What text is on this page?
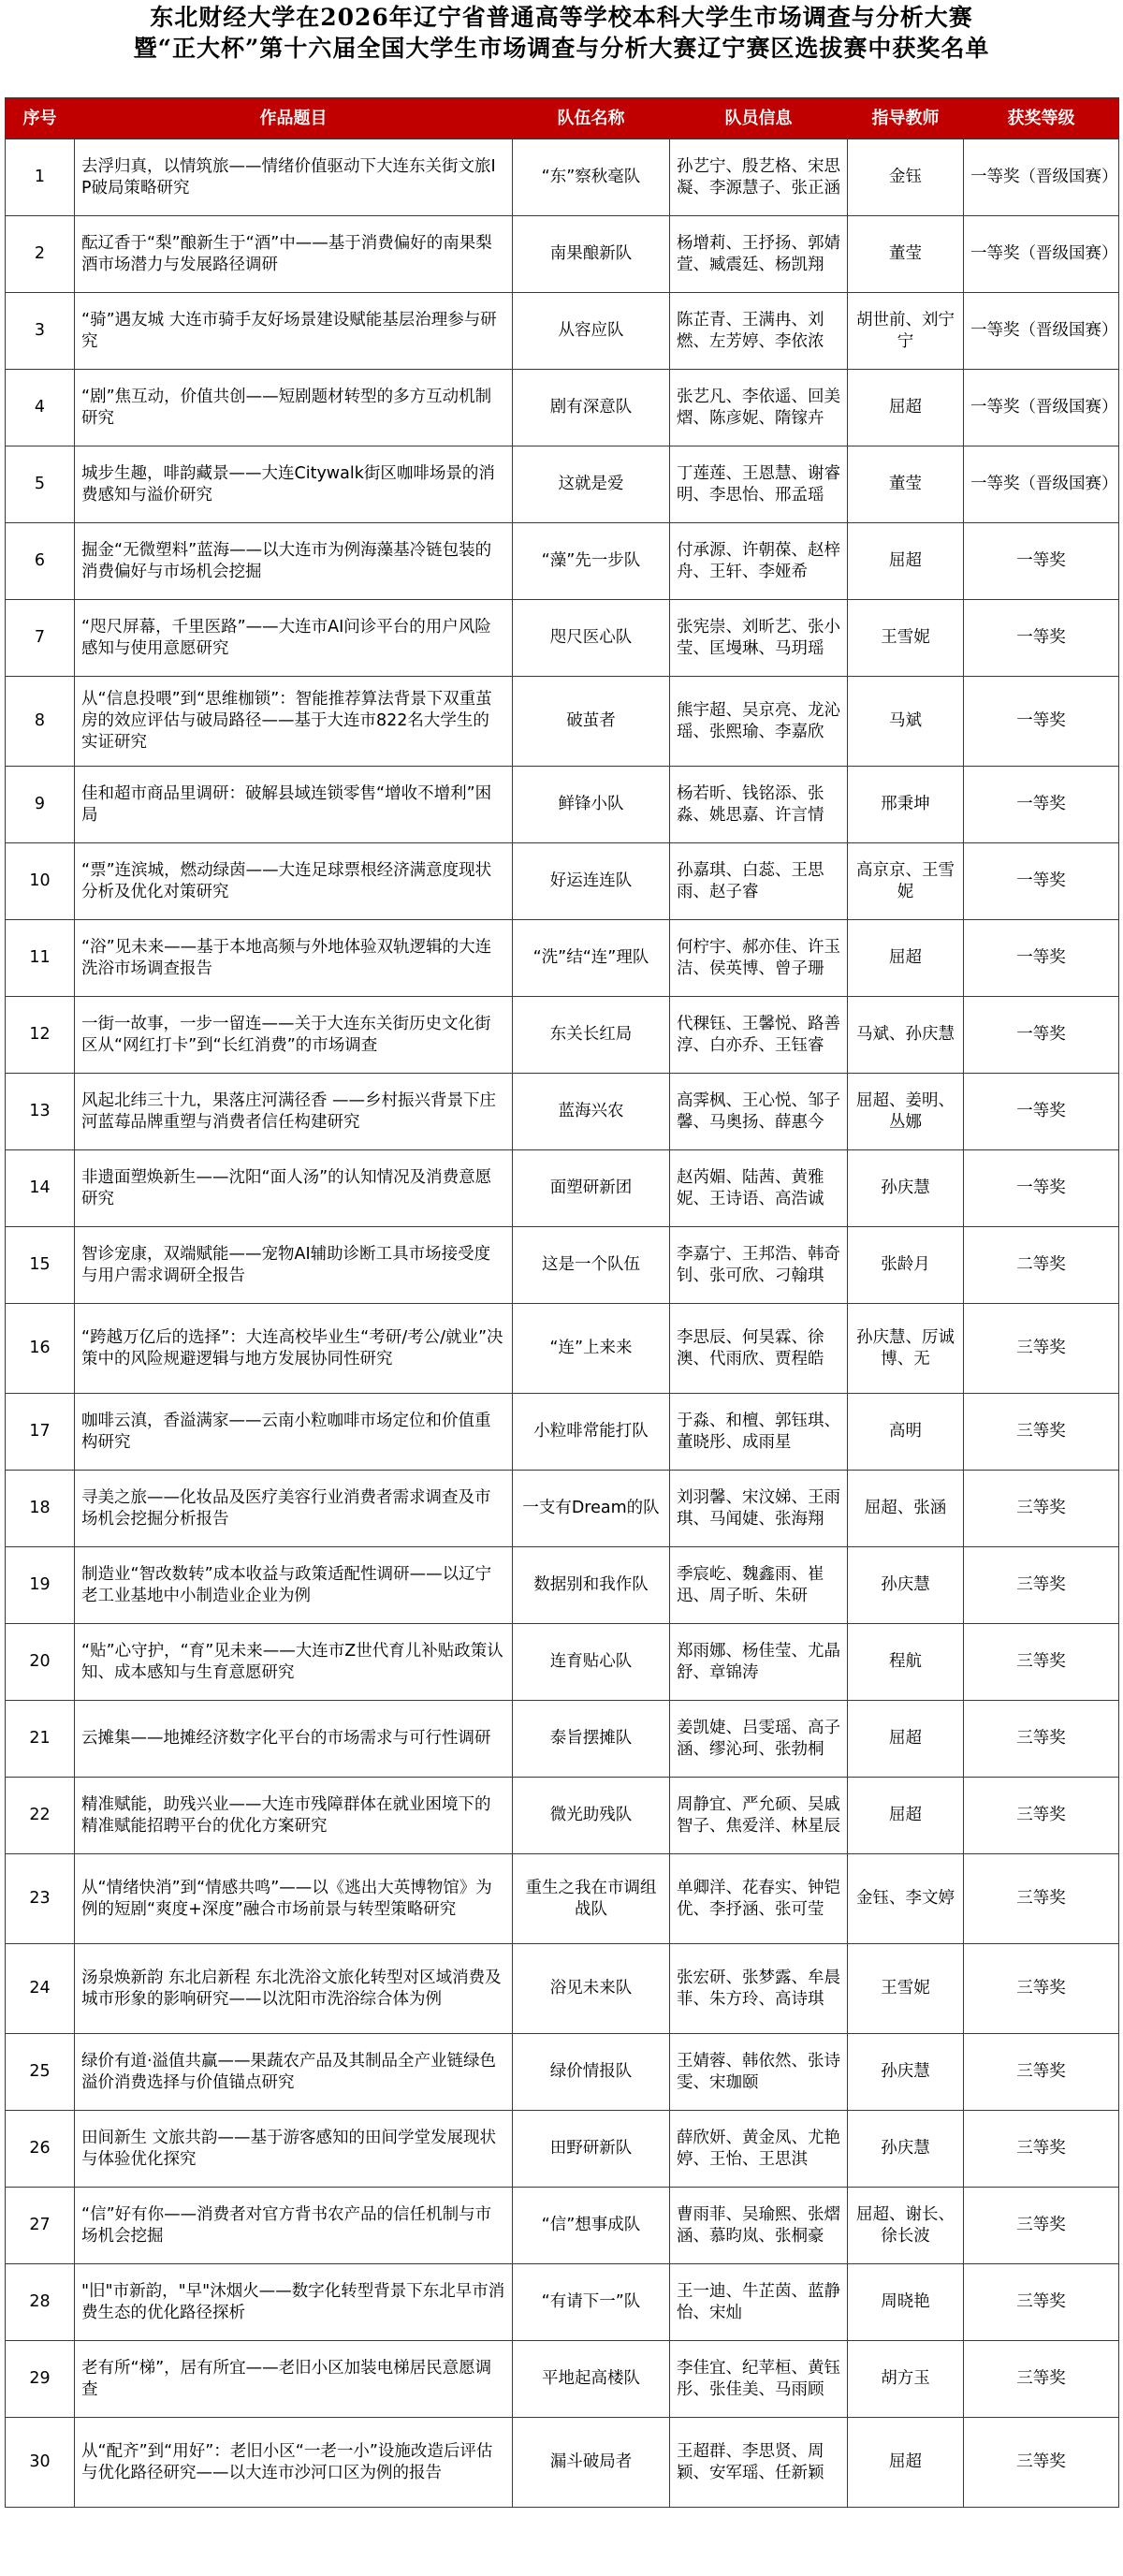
东北财经大学在2026年辽宁省普通高等学校本科大学生市场调查与分析大赛
暨“正大杯”第十六届全国大学生市场调查与分析大赛辽宁赛区选拔赛中获奖名单
序号	作品题目	队伍名称	队员信息	指导教师	获奖等级
1	去浮归真，以情筑旅——情绪价值驱动下大连东关街文旅IP破局策略研究	“东”察秋毫队	孙艺宁、殷艺格、宋思凝、李源慧子、张正涵	金钰	一等奖（晋级国赛）
2	酝辽香于“梨”酿新生于“酒”中——基于消费偏好的南果梨酒市场潜力与发展路径调研	南果酿新队	杨增莉、王抒扬、郭婧萱、臧震廷、杨凯翔	董莹	一等奖（晋级国赛）
3	“骑”遇友城 大连市骑手友好场景建设赋能基层治理参与研究	从容应队	陈芷青、王满冉、刘燃、左芳婷、李依浓	胡世前、刘宁宁	一等奖（晋级国赛）
4	“剧”焦互动，价值共创——短剧题材转型的多方互动机制研究	剧有深意队	张艺凡、李依遥、回美熠、陈彦妮、隋镓卉	屈超	一等奖（晋级国赛）
5	城步生趣，啡韵藏景——大连Citywalk街区咖啡场景的消费感知与溢价研究	这就是爱	丁莲莲、王恩慧、谢睿明、李思怡、邢孟瑶	董莹	一等奖（晋级国赛）
6	掘金“无微塑料”蓝海——以大连市为例海藻基冷链包装的消费偏好与市场机会挖掘	“藻”先一步队	付承源、许朝葆、赵梓舟、王轩、李娅希	屈超	一等奖
7	“咫尺屏幕，千里医路”——大连市AI问诊平台的用户风险感知与使用意愿研究	咫尺医心队	张宪崇、刘昕艺、张小莹、匡墁琳、马玥瑶	王雪妮	一等奖
8	从“信息投喂”到“思维枷锁”：智能推荐算法背景下双重茧房的效应评估与破局路径——基于大连市822名大学生的实证研究	破茧者	熊宇超、吴京亮、龙沁瑶、张熙瑜、李嘉欣	马斌	一等奖
9	佳和超市商品里调研：破解县域连锁零售“增收不增利”困局	鲜锋小队	杨若昕、钱铭添、张淼、姚思嘉、许言情	邢秉坤	一等奖
10	“票”连滨城，燃动绿茵——大连足球票根经济满意度现状分析及优化对策研究	好运连连队	孙嘉琪、白蕊、王思雨、赵子睿	高京京、王雪妮	一等奖
11	“浴”见未来——基于本地高频与外地体验双轨逻辑的大连洗浴市场调查报告	“洗”结“连”理队	何柠宇、郝亦佳、许玉洁、侯英博、曾子珊	屈超	一等奖
12	一街一故事，一步一留连——关于大连东关街历史文化街区从“网红打卡”到“长红消费”的市场调查	东关长红局	代稞钰、王馨悦、路善淳、白亦乔、王钰睿	马斌、孙庆慧	一等奖
13	风起北纬三十九，果落庄河满径香 ——乡村振兴背景下庄河蓝莓品牌重塑与消费者信任构建研究	蓝海兴农	高霁枫、王心悦、邹子馨、马奥扬、薛惠今	屈超、姜明、丛娜	一等奖
14	非遗面塑焕新生——沈阳“面人汤”的认知情况及消费意愿研究	面塑研新团	赵芮媚、陆茜、黄雅妮、王诗语、高浩诚	孙庆慧	一等奖
15	智诊宠康，双端赋能——宠物AI辅助诊断工具市场接受度与用户需求调研全报告	这是一个队伍	李嘉宁、王邦浩、韩奇钊、张可欣、刁翰琪	张龄月	二等奖
16	“跨越万亿后的选择”：大连高校毕业生“考研/考公/就业”决策中的风险规避逻辑与地方发展协同性研究	“连”上来来	李思辰、何昊霖、徐澳、代雨欣、贾程皓	孙庆慧、厉诚博、无	三等奖
17	咖啡云滇，香溢满家——云南小粒咖啡市场定位和价值重构研究	小粒啡常能打队	于淼、和檀、郭钰琪、董晓彤、成雨星	高明	三等奖
18	寻美之旅——化妆品及医疗美容行业消费者需求调查及市场机会挖掘分析报告	一支有Dream的队	刘羽馨、宋汶娣、王雨琪、马闻婕、张海翔	屈超、张涵	三等奖
19	制造业“智改数转”成本收益与政策适配性调研——以辽宁老工业基地中小制造业企业为例	数据别和我作队	季宸屹、魏鑫雨、崔迅、周子昕、朱研	孙庆慧	三等奖
20	“贴”心守护，“育”见未来——大连市Z世代育儿补贴政策认知、成本感知与生育意愿研究	连育贴心队	郑雨娜、杨佳莹、尤晶舒、章锦涛	程航	三等奖
21	云摊集——地摊经济数字化平台的市场需求与可行性调研	泰旨摆摊队	姜凯婕、吕雯瑶、高子涵、缪沁珂、张勃桐	屈超	三等奖
22	精准赋能，助残兴业——大连市残障群体在就业困境下的精准赋能招聘平台的优化方案研究	微光助残队	周静宜、严允硕、吴戚智子、焦爱洋、林星辰	屈超	三等奖
23	从“情绪快消”到“情感共鸣”——以《逃出大英博物馆》为例的短剧“爽度+深度”融合市场前景与转型策略研究	重生之我在市调组战队	单卿洋、花春实、钟铠优、李抒涵、张可莹	金钰、李文婷	三等奖
24	汤泉焕新韵 东北启新程 东北洗浴文旅化转型对区域消费及城市形象的影响研究——以沈阳市洗浴综合体为例	浴见未来队	张宏研、张梦露、牟晨菲、朱方玲、高诗琪	王雪妮	三等奖
25	绿价有道·溢值共赢——果蔬农产品及其制品全产业链绿色溢价消费选择与价值锚点研究	绿价情报队	王婧蓉、韩依然、张诗雯、宋珈颐	孙庆慧	三等奖
26	田间新生 文旅共韵——基于游客感知的田间学堂发展现状与体验优化探究	田野研新队	薛欣妍、黄金凤、尤艳婷、王怡、王思淇	孙庆慧	三等奖
27	“信”好有你——消费者对官方背书农产品的信任机制与市场机会挖掘	“信”想事成队	曹雨菲、吴瑜熙、张熠涵、慕昀岚、张桐豪	屈超、谢长、徐长波	三等奖
28	"旧"市新韵，"早"沐烟火——数字化转型背景下东北早市消费生态的优化路径探析	“有请下一”队	王一迪、牛芷茵、蓝静怡、宋灿	周晓艳	三等奖
29	老有所“梯”，居有所宜——老旧小区加装电梯居民意愿调查	平地起高楼队	李佳宜、纪苹桓、黄钰彤、张佳美、马雨顾	胡方玉	三等奖
30	从“配齐”到“用好”：老旧小区“一老一小”设施改造后评估与优化路径研究——以大连市沙河口区为例的报告	漏斗破局者	王超群、李思贤、周颖、安军瑶、任新颖	屈超	三等奖
